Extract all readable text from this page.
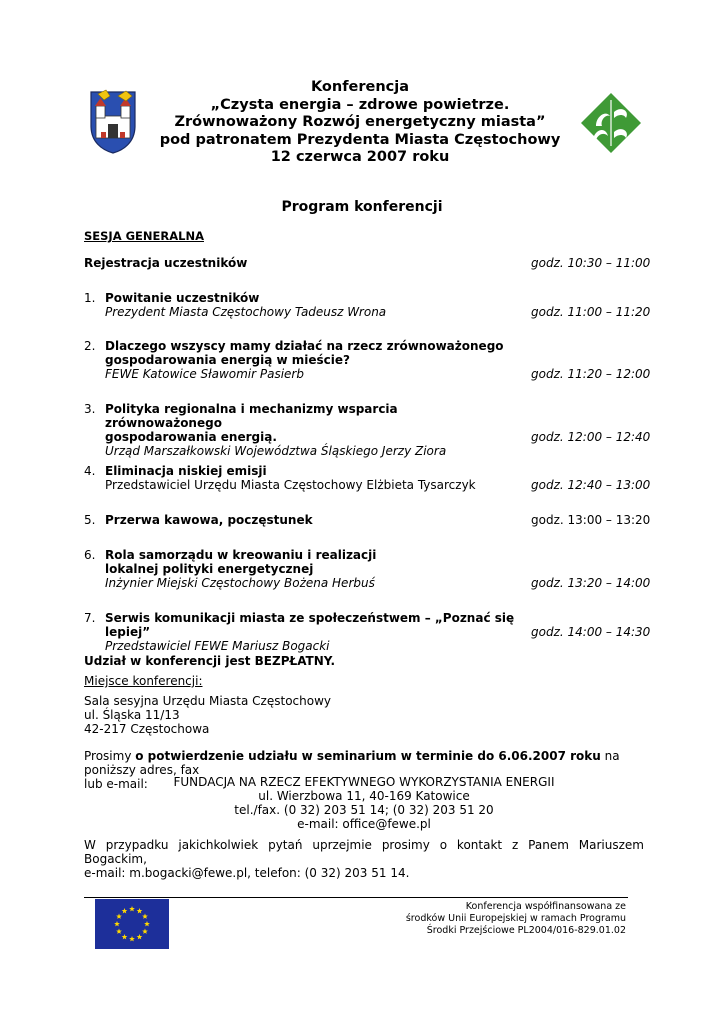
Konferencja
„Czysta energia – zdrowe powietrze.
Zrównoważony Rozwój energetyczny miasta”
pod patronatem Prezydenta Miasta Częstochowy
12 czerwca 2007 roku
Program konferencji
SESJA GENERALNA
Rejestracja uczestników	godz. 10:30 – 11:00
1. Powitanie uczestników
Prezydent Miasta Częstochowy Tadeusz Wrona	godz. 11:00 – 11:20
2. Dlaczego wszyscy mamy działać na rzecz zrównoważonego
gospodarowania energią w mieście?
FEWE Katowice Sławomir Pasierb	godz. 11:20 – 12:00
3. Polityka regionalna i mechanizmy wsparcia zrównoważonego
gospodarowania energią.
Urząd Marszałkowski Województwa Śląskiego Jerzy Ziora
godz. 12:00 – 12:40
4. Eliminacja niskiej emisji
Przedstawiciel Urzędu Miasta Częstochowy Elżbieta Tysarczyk	godz. 12:40 – 13:00
5. Przerwa kawowa, poczęstunek	godz. 13:00 – 13:20
6. Rola samorządu w kreowaniu i realizacji
lokalnej polityki energetycznej
Inżynier Miejski Częstochowy Bożena Herbuś	godz. 13:20 – 14:00
7. Serwis komunikacji miasta ze społeczeństwem – „Poznać się lepiej”
Przedstawiciel FEWE Mariusz Bogacki
godz. 14:00 – 14:30
Udział w konferencji jest BEZPŁATNY.
Miejsce konferencji:
Sala sesyjna Urzędu Miasta Częstochowy
ul. Śląska 11/13
42-217 Częstochowa
Prosimy o potwierdzenie udziału w seminarium w terminie do 6.06.2007 roku na poniższy adres, fax
lub e-mail:	FUNDACJA NA RZECZ EFEKTYWNEGO WYKORZYSTANIA ENERGII
ul. Wierzbowa 11, 40-169 Katowice
tel./fax. (0 32) 203 51 14; (0 32) 203 51 20
e-mail: office@fewe.pl
W przypadku jakichkolwiek pytań uprzejmie prosimy o kontakt z Panem Mariuszem Bogackim,
e-mail: m.bogacki@fewe.pl, telefon: (0 32) 203 51 14.
Konferencja współfinansowana ze
środków Unii Europejskiej w ramach Programu
Środki Przejściowe PL2004/016-829.01.02
